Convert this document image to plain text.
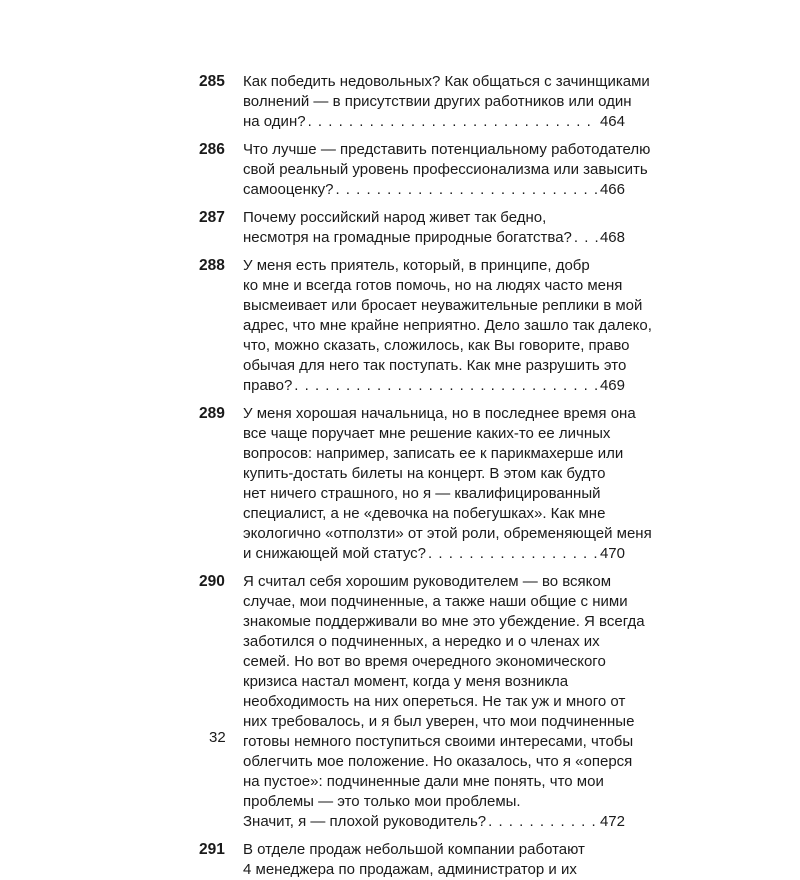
285 Как победить недовольных? Как общаться с зачинщиками
волнений — в присутствии других работников или один
на один? . . .	464
286 Что лучше — представить потенциальному работодателю
свой реальный уровень профессионализма или завысить
самооценку? . . .	466
287 Почему российский народ живет так бедно,
несмотря на громадные природные богатства? . . . 468
288 У меня есть приятель, который, в принципе, добр
ко мне и всегда готов помочь, но на людях часто меня
высмеивает или бросает неуважительные реплики в мой
адрес, что мне крайне неприятно. Дело зашло так далеко,
что, можно сказать, сложилось, как Вы говорите, право
обычая для него так поступать. Как мне разрушить это
право? . . .	469
289 У меня хорошая начальница, но в последнее время она
все чаще поручает мне решение каких-то ее личных
вопросов: например, записать ее к парикмахерше или
купить-достать билеты на концерт. В этом как будто
нет ничего страшного, но я — квалифицированный
специалист, а не «девочка на побегушках». Как мне
экологично «отползти» от этой роли, обременяющей меня
и снижающей мой статус? . . .	470
290 Я считал себя хорошим руководителем — во всяком
случае, мои подчиненные, а также наши общие с ними
знакомые поддерживали во мне это убеждение. Я всегда
заботился о подчиненных, а нередко и о членах их
семей. Но вот во время очередного экономического
кризиса настал момент, когда у меня возникла
необходимость на них опереться. Не так уж и много от
них требовалось, и я был уверен, что мои подчиненные
готовы немного поступиться своими интересами, чтобы
облегчить мое положение. Но оказалось, что я «оперся
на пустое»: подчиненные дали мне понять, что мои
проблемы — это только мои проблемы.
Значит, я — плохой руководитель? . . .	472
291 В отделе продаж небольшой компании работают
4 менеджера по продажам, администратор и их
32
